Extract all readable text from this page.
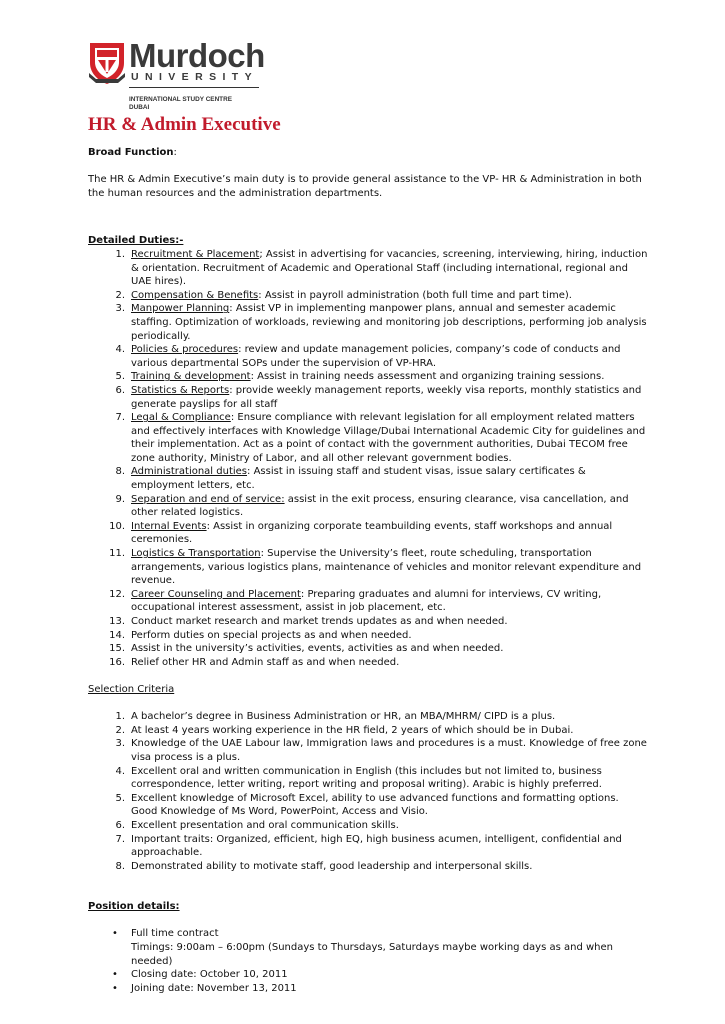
Murdoch
UNIVERSITY
INTERNATIONAL STUDY CENTRE
DUBAI
HR & Admin Executive

Broad Function:

The HR & Admin Executive’s main duty is to provide general assistance to the VP- HR & Administration in both the human resources and the administration departments.

Detailed Duties:-

1. Recruitment & Placement; Assist in advertising for vacancies, screening, interviewing, hiring, induction & orientation. Recruitment of Academic and Operational Staff (including international, regional and UAE hires).
2. Compensation & Benefits: Assist in payroll administration (both full time and part time).
3. Manpower Planning: Assist VP in implementing manpower plans, annual and semester academic staffing. Optimization of workloads, reviewing and monitoring job descriptions, performing job analysis periodically.
4. Policies & procedures: review and update management policies, company’s code of conducts and various departmental SOPs under the supervision of VP-HRA.
5. Training & development: Assist in training needs assessment and organizing training sessions.
6. Statistics & Reports: provide weekly management reports, weekly visa reports, monthly statistics and generate payslips for all staff
7. Legal & Compliance: Ensure compliance with relevant legislation for all employment related matters and effectively interfaces with Knowledge Village/Dubai International Academic City for guidelines and their implementation. Act as a point of contact with the government authorities, Dubai TECOM free zone authority, Ministry of Labor, and all other relevant government bodies.
8. Administrational duties: Assist in issuing staff and student visas, issue salary certificates & employment letters, etc.
9. Separation and end of service: assist in the exit process, ensuring clearance, visa cancellation, and other related logistics.
10. Internal Events: Assist in organizing corporate teambuilding events, staff workshops and annual ceremonies.
11. Logistics & Transportation: Supervise the University’s fleet, route scheduling, transportation arrangements, various logistics plans, maintenance of vehicles and monitor relevant expenditure and revenue.
12. Career Counseling and Placement: Preparing graduates and alumni for interviews, CV writing, occupational interest assessment, assist in job placement, etc.
13. Conduct market research and market trends updates as and when needed.
14. Perform duties on special projects as and when needed.
15. Assist in the university’s activities, events, activities as and when needed.
16. Relief other HR and Admin staff as and when needed.

Selection Criteria

1. A bachelor’s degree in Business Administration or HR, an MBA/MHRM/ CIPD is a plus.
2. At least 4 years working experience in the HR field, 2 years of which should be in Dubai.
3. Knowledge of the UAE Labour law, Immigration laws and procedures is a must. Knowledge of free zone visa process is a plus.
4. Excellent oral and written communication in English (this includes but not limited to, business correspondence, letter writing, report writing and proposal writing). Arabic is highly preferred.
5. Excellent knowledge of Microsoft Excel, ability to use advanced functions and formatting options. Good Knowledge of Ms Word, PowerPoint, Access and Visio.
6. Excellent presentation and oral communication skills.
7. Important traits: Organized, efficient, high EQ, high business acumen, intelligent, confidential and approachable.
8. Demonstrated ability to motivate staff, good leadership and interpersonal skills.

Position details:

•	Full time contract
Timings: 9:00am – 6:00pm (Sundays to Thursdays, Saturdays maybe working days as and when needed)
•	Closing date: October 10, 2011
•	Joining date: November 13, 2011
